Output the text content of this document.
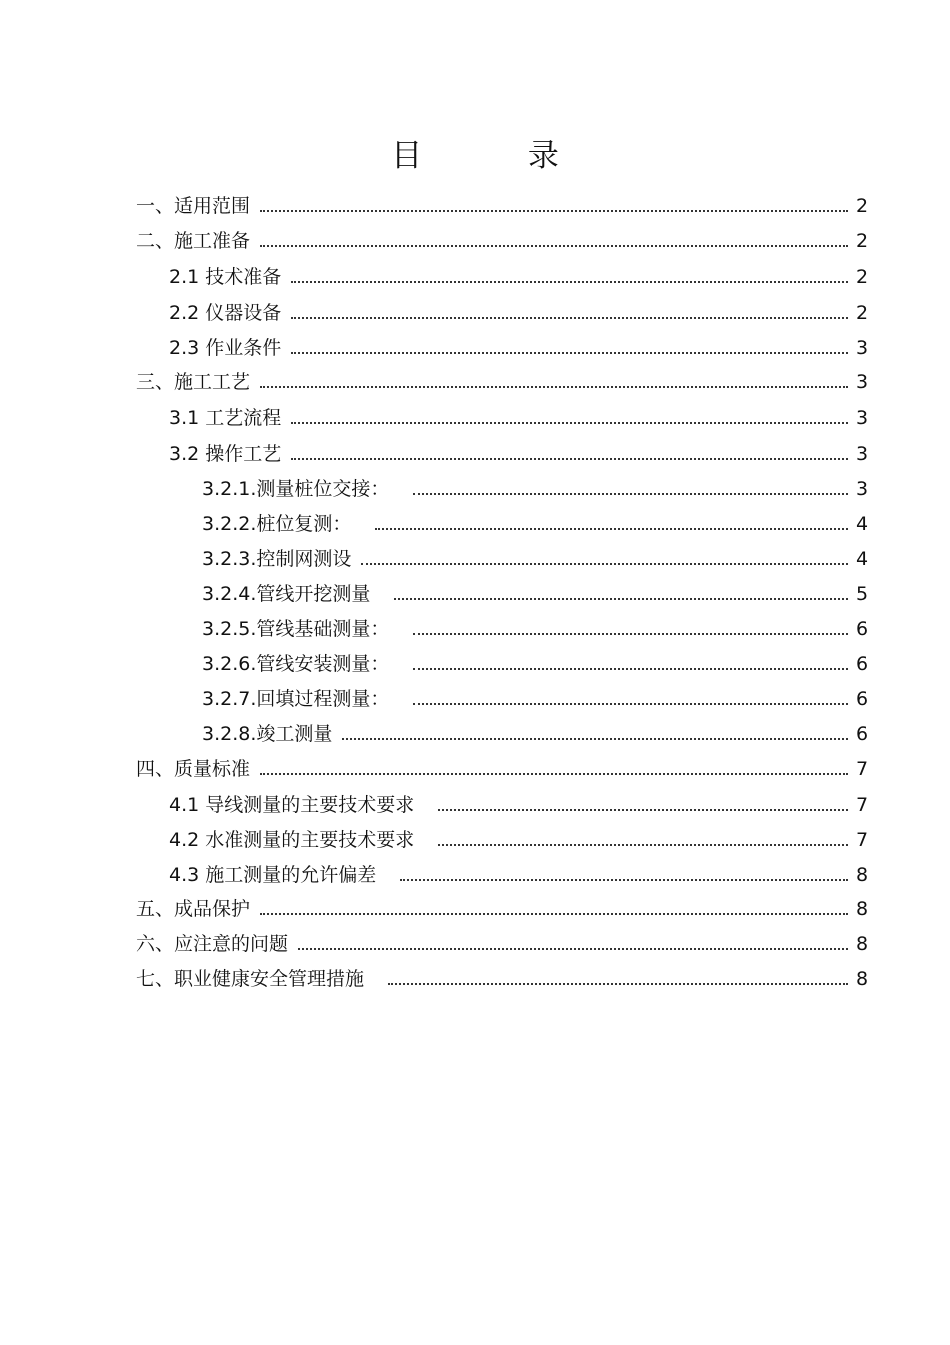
目 录
一、适用范围	2
二、施工准备	2
2.1 技术准备	2
2.2 仪器设备	2
2.3 作业条件	3
三、施工工艺	3
3.1 工艺流程	3
3.2 操作工艺	3
3.2.1.测量桩位交接：	3
3.2.2.桩位复测：	4
3.2.3.控制网测设	4
3.2.4.管线开挖测量	5
3.2.5.管线基础测量：	6
3.2.6.管线安装测量：	6
3.2.7.回填过程测量：	6
3.2.8.竣工测量	6
四、质量标准	7
4.1 导线测量的主要技术要求	7
4.2 水准测量的主要技术要求	7
4.3 施工测量的允许偏差	8
五、成品保护	8
六、应注意的问题	8
七、职业健康安全管理措施	8
